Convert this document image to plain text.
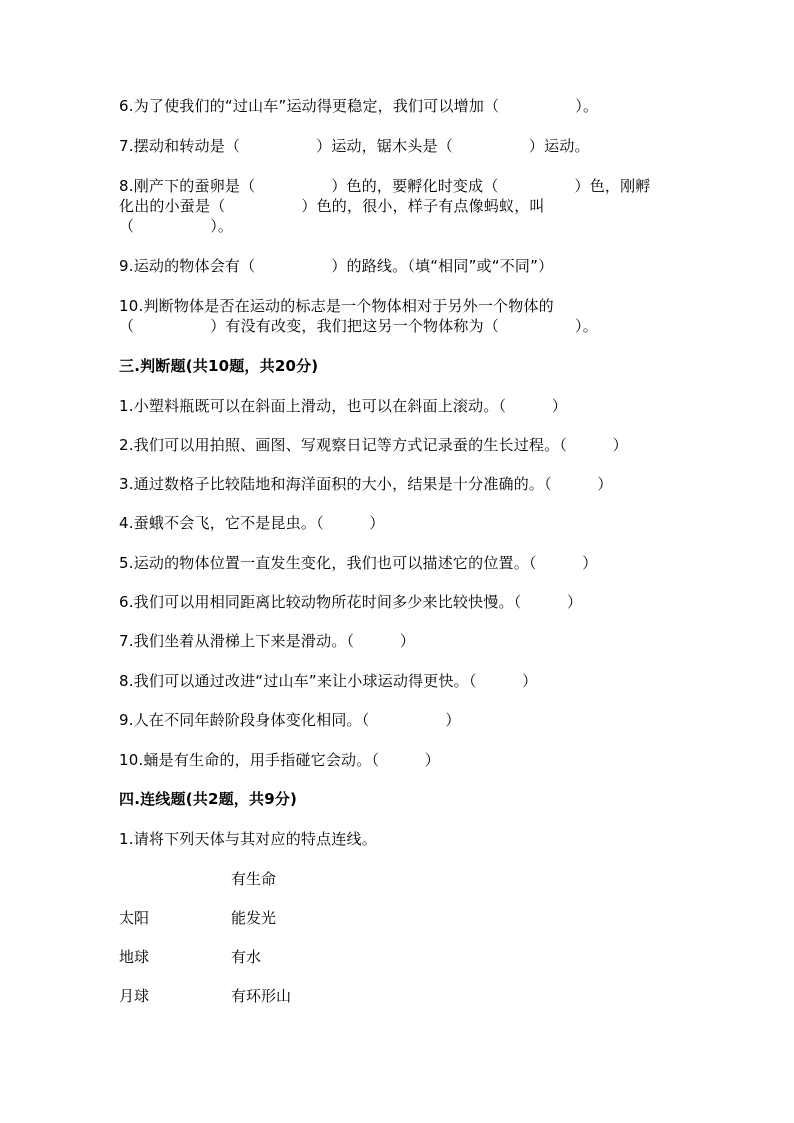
6.为了使我们的“过山车”运动得更稳定，我们可以增加（　　　　　）。
7.摆动和转动是（　　　　　）运动，锯木头是（　　　　　）运动。
8.刚产下的蚕卵是（　　　　　）色的，要孵化时变成（　　　　　）色，刚孵
化出的小蚕是（　　　　　）色的，很小，样子有点像蚂蚁，叫
（　　　　　）。
9.运动的物体会有（　　　　　）的路线。（填“相同”或“不同”）
10.判断物体是否在运动的标志是一个物体相对于另外一个物体的
（　　　　　）有没有改变，我们把这另一个物体称为（　　　　　）。
三.判断题(共10题，共20分)
1.小塑料瓶既可以在斜面上滑动，也可以在斜面上滚动。（　　　）
2.我们可以用拍照、画图、写观察日记等方式记录蚕的生长过程。（　　　）
3.通过数格子比较陆地和海洋面积的大小，结果是十分准确的。（　　　）
4.蚕蛾不会飞，它不是昆虫。（　　　）
5.运动的物体位置一直发生变化，我们也可以描述它的位置。（　　　）
6.我们可以用相同距离比较动物所花时间多少来比较快慢。（　　　）
7.我们坐着从滑梯上下来是滑动。（　　　）
8.我们可以通过改进“过山车”来让小球运动得更快。（　　　）
9.人在不同年龄阶段身体变化相同。（　　　　　）
10.蛹是有生命的，用手指碰它会动。（　　　）
四.连线题(共2题，共9分)
1.请将下列天体与其对应的特点连线。
有生命
太阳	能发光
地球	有水
月球	有环形山
